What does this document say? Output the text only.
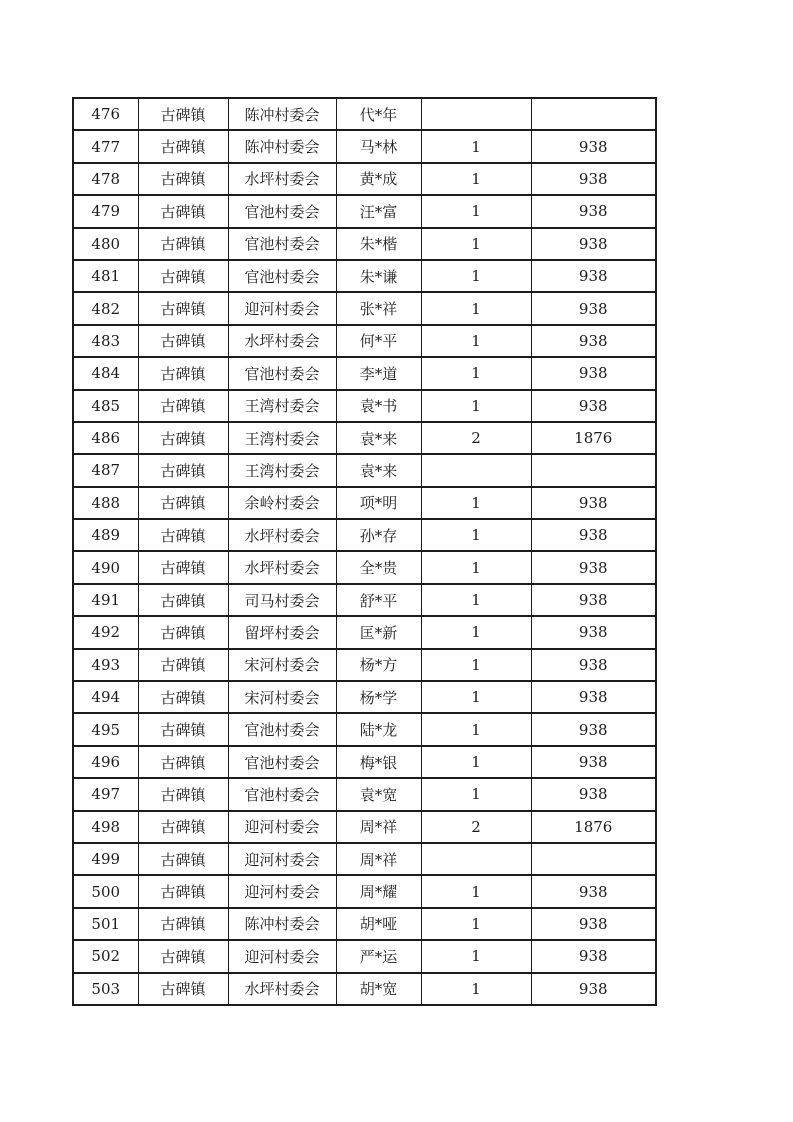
476	古碑镇	陈冲村委会	代*年		
477	古碑镇	陈冲村委会	马*林	1	938
478	古碑镇	水坪村委会	黄*成	1	938
479	古碑镇	官池村委会	汪*富	1	938
480	古碑镇	官池村委会	朱*楷	1	938
481	古碑镇	官池村委会	朱*谦	1	938
482	古碑镇	迎河村委会	张*祥	1	938
483	古碑镇	水坪村委会	何*平	1	938
484	古碑镇	官池村委会	李*道	1	938
485	古碑镇	王湾村委会	袁*书	1	938
486	古碑镇	王湾村委会	袁*来	2	1876
487	古碑镇	王湾村委会	袁*来		
488	古碑镇	余岭村委会	项*明	1	938
489	古碑镇	水坪村委会	孙*存	1	938
490	古碑镇	水坪村委会	全*贵	1	938
491	古碑镇	司马村委会	舒*平	1	938
492	古碑镇	留坪村委会	匡*新	1	938
493	古碑镇	宋河村委会	杨*方	1	938
494	古碑镇	宋河村委会	杨*学	1	938
495	古碑镇	官池村委会	陆*龙	1	938
496	古碑镇	官池村委会	梅*银	1	938
497	古碑镇	官池村委会	袁*宽	1	938
498	古碑镇	迎河村委会	周*祥	2	1876
499	古碑镇	迎河村委会	周*祥		
500	古碑镇	迎河村委会	周*耀	1	938
501	古碑镇	陈冲村委会	胡*哑	1	938
502	古碑镇	迎河村委会	严*运	1	938
503	古碑镇	水坪村委会	胡*宽	1	938
